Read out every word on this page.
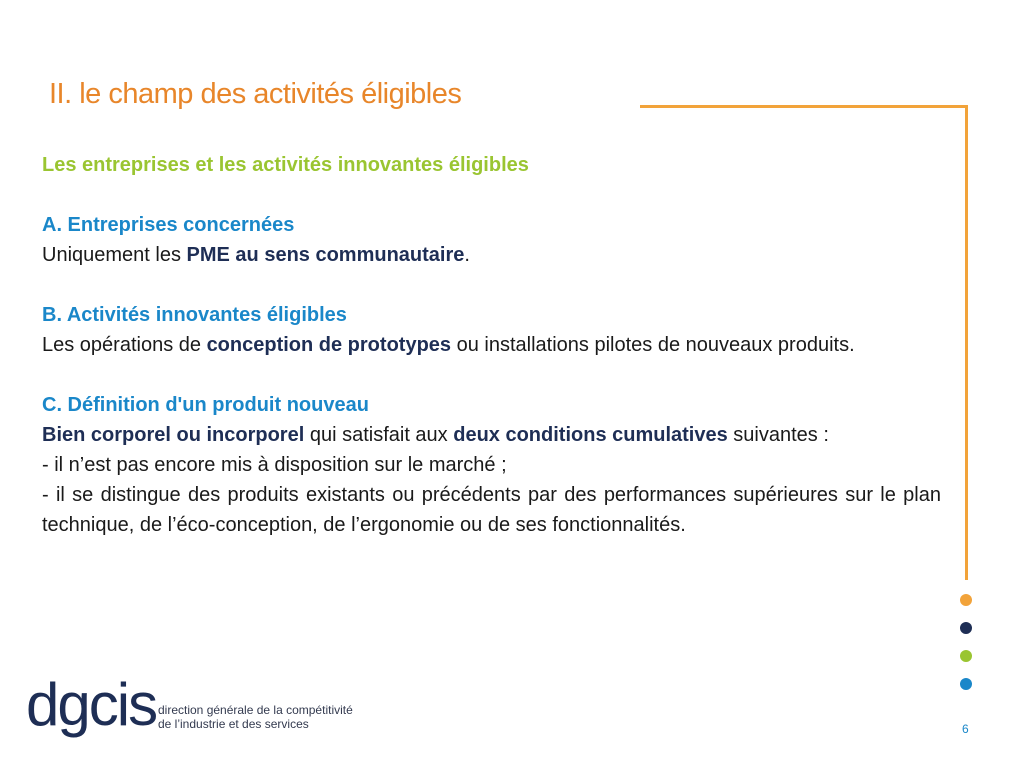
II. le champ des activités éligibles
Les entreprises et les activités innovantes éligibles
A. Entreprises concernées
Uniquement les PME au sens communautaire.
B. Activités innovantes éligibles
Les opérations de conception de prototypes ou installations pilotes de nouveaux produits.
C. Définition d'un produit nouveau
Bien corporel ou incorporel qui satisfait aux deux conditions cumulatives suivantes :
- il n’est pas encore mis à disposition sur le marché ;
- il se distingue des produits existants ou précédents par des performances supérieures sur le plan technique, de l’éco-conception, de l’ergonomie ou de ses fonctionnalités.
dgcis direction générale de la compétitivité
de l’industrie et des services	6
